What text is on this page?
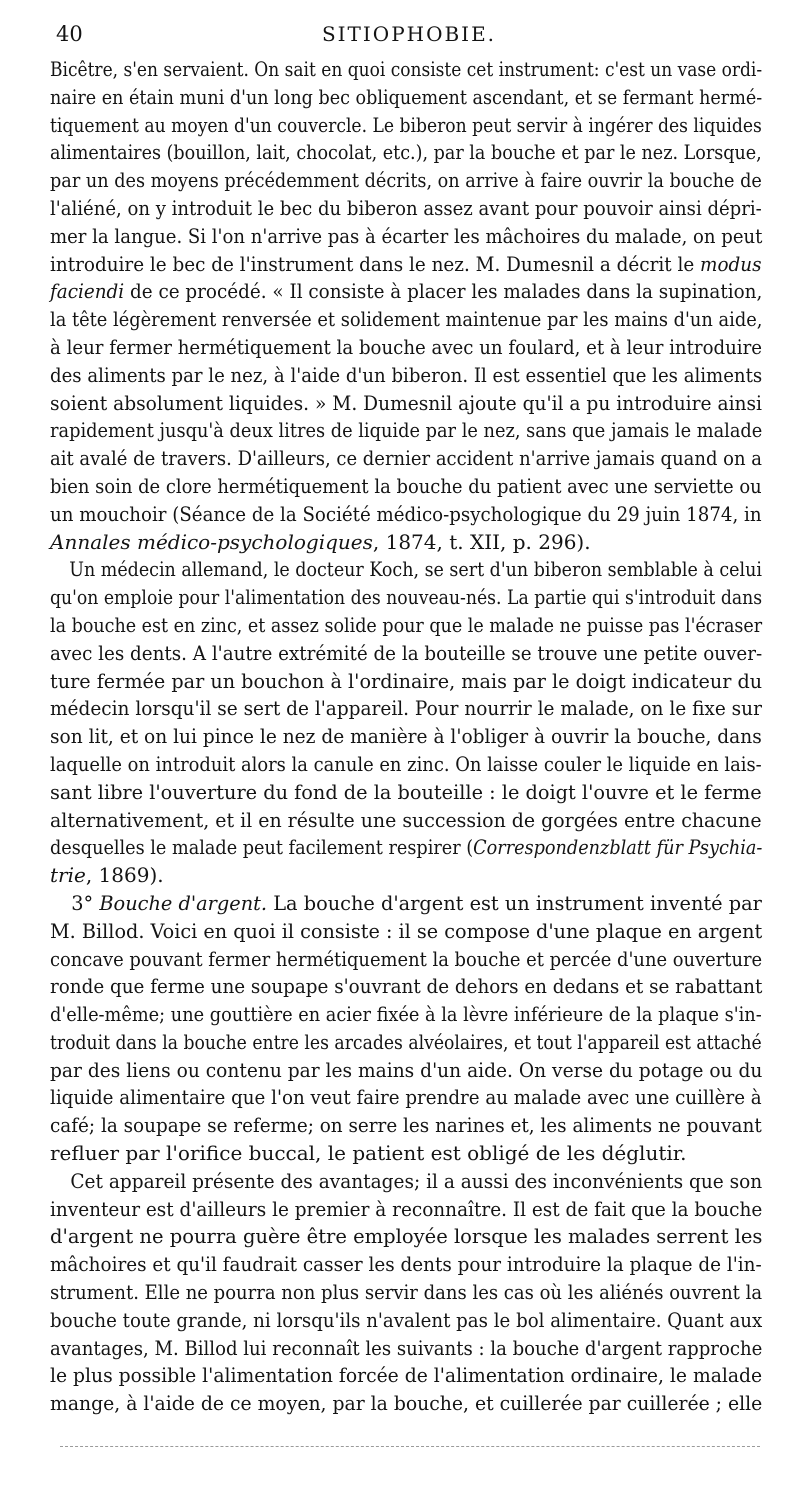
40	SITIOPHOBIE.
Bicêtre, s'en servaient. On sait en quoi consiste cet instrument: c'est un vase ordi-
naire en étain muni d'un long bec obliquement ascendant, et se fermant hermé-
tiquement au moyen d'un couvercle. Le biberon peut servir à ingérer des liquides
alimentaires (bouillon, lait, chocolat, etc.), par la bouche et par le nez. Lorsque,
par un des moyens précédemment décrits, on arrive à faire ouvrir la bouche de
l'aliéné, on y introduit le bec du biberon assez avant pour pouvoir ainsi dépri-
mer la langue. Si l'on n'arrive pas à écarter les mâchoires du malade, on peut
introduire le bec de l'instrument dans le nez. M. Dumesnil a décrit le modus
faciendi de ce procédé. « Il consiste à placer les malades dans la supination,
la tête légèrement renversée et solidement maintenue par les mains d'un aide,
à leur fermer hermétiquement la bouche avec un foulard, et à leur introduire
des aliments par le nez, à l'aide d'un biberon. Il est essentiel que les aliments
soient absolument liquides. » M. Dumesnil ajoute qu'il a pu introduire ainsi
rapidement jusqu'à deux litres de liquide par le nez, sans que jamais le malade
ait avalé de travers. D'ailleurs, ce dernier accident n'arrive jamais quand on a
bien soin de clore hermétiquement la bouche du patient avec une serviette ou
un mouchoir (Séance de la Société médico-psychologique du 29 juin 1874, in
Annales médico-psychologiques, 1874, t. XII, p. 296).
Un médecin allemand, le docteur Koch, se sert d'un biberon semblable à celui
qu'on emploie pour l'alimentation des nouveau-nés. La partie qui s'introduit dans
la bouche est en zinc, et assez solide pour que le malade ne puisse pas l'écraser
avec les dents. A l'autre extrémité de la bouteille se trouve une petite ouver-
ture fermée par un bouchon à l'ordinaire, mais par le doigt indicateur du
médecin lorsqu'il se sert de l'appareil. Pour nourrir le malade, on le fixe sur
son lit, et on lui pince le nez de manière à l'obliger à ouvrir la bouche, dans
laquelle on introduit alors la canule en zinc. On laisse couler le liquide en lais-
sant libre l'ouverture du fond de la bouteille : le doigt l'ouvre et le ferme
alternativement, et il en résulte une succession de gorgées entre chacune
desquelles le malade peut facilement respirer (Correspondenzblatt für Psychia-
trie, 1869).
3° Bouche d'argent. La bouche d'argent est un instrument inventé par
M. Billod. Voici en quoi il consiste : il se compose d'une plaque en argent
concave pouvant fermer hermétiquement la bouche et percée d'une ouverture
ronde que ferme une soupape s'ouvrant de dehors en dedans et se rabattant
d'elle-même; une gouttière en acier fixée à la lèvre inférieure de la plaque s'in-
troduit dans la bouche entre les arcades alvéolaires, et tout l'appareil est attaché
par des liens ou contenu par les mains d'un aide. On verse du potage ou du
liquide alimentaire que l'on veut faire prendre au malade avec une cuillère à
café; la soupape se referme; on serre les narines et, les aliments ne pouvant
refluer par l'orifice buccal, le patient est obligé de les déglutir.
Cet appareil présente des avantages; il a aussi des inconvénients que son
inventeur est d'ailleurs le premier à reconnaître. Il est de fait que la bouche
d'argent ne pourra guère être employée lorsque les malades serrent les
mâchoires et qu'il faudrait casser les dents pour introduire la plaque de l'in-
strument. Elle ne pourra non plus servir dans les cas où les aliénés ouvrent la
bouche toute grande, ni lorsqu'ils n'avalent pas le bol alimentaire. Quant aux
avantages, M. Billod lui reconnaît les suivants : la bouche d'argent rapproche
le plus possible l'alimentation forcée de l'alimentation ordinaire, le malade
mange, à l'aide de ce moyen, par la bouche, et cuillerée par cuillerée ; elle
